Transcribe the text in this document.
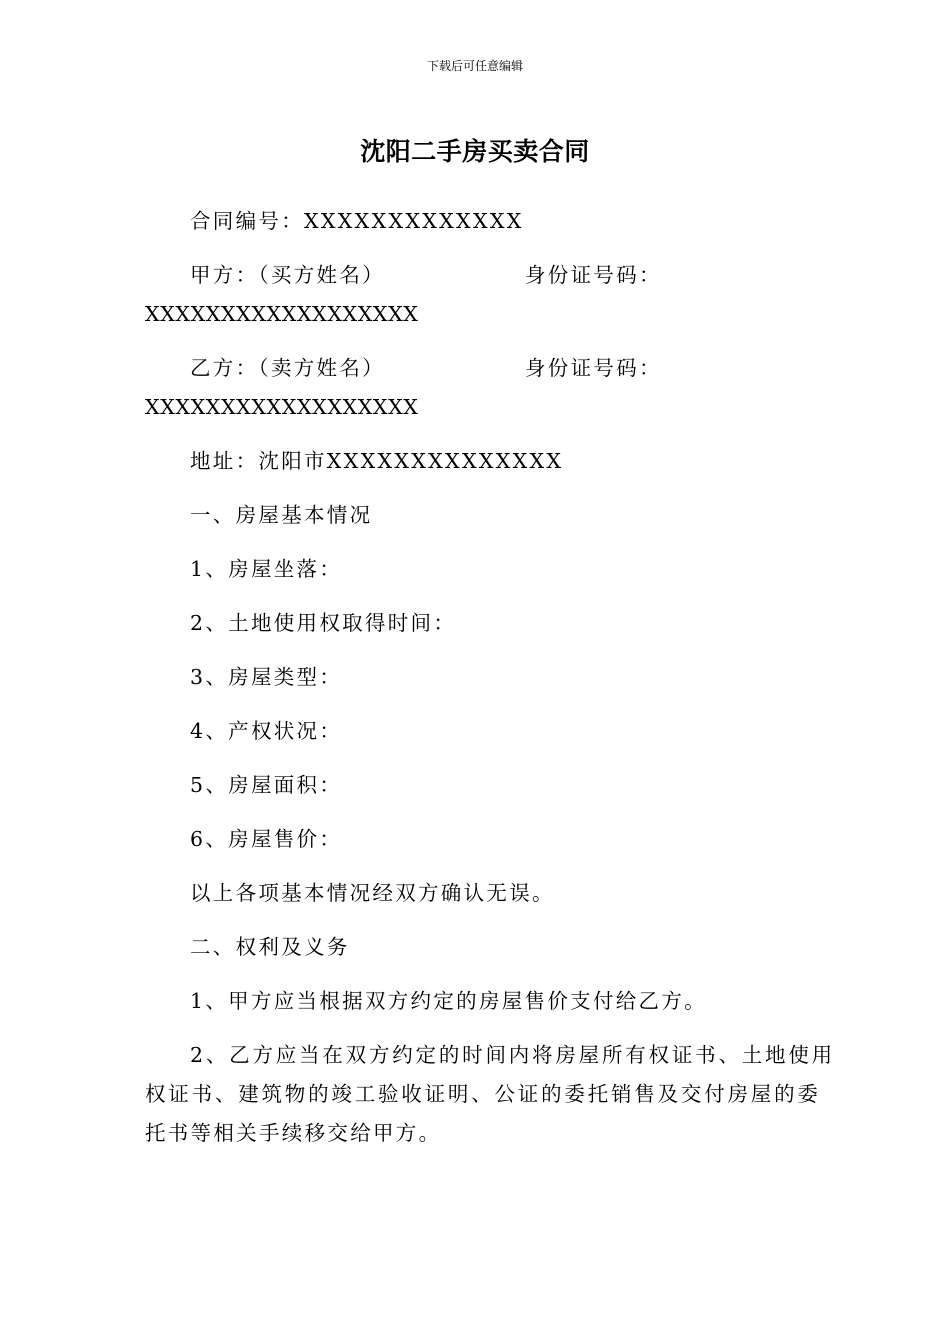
下载后可任意编辑
沈阳二手房买卖合同
合同编号：XXXXXXXXXXXXX
甲方：（买方姓名）	身份证号码：
XXXXXXXXXXXXXXXXXX
乙方：（卖方姓名）	身份证号码：
XXXXXXXXXXXXXXXXXX
地址：沈阳市XXXXXXXXXXXXXX
一、房屋基本情况
1、房屋坐落：
2、土地使用权取得时间：
3、房屋类型：
4、产权状况：
5、房屋面积：
6、房屋售价：
以上各项基本情况经双方确认无误。
二、权利及义务
1、甲方应当根据双方约定的房屋售价支付给乙方。
2、乙方应当在双方约定的时间内将房屋所有权证书、土地使用
权证书、建筑物的竣工验收证明、公证的委托销售及交付房屋的委
托书等相关手续移交给甲方。
